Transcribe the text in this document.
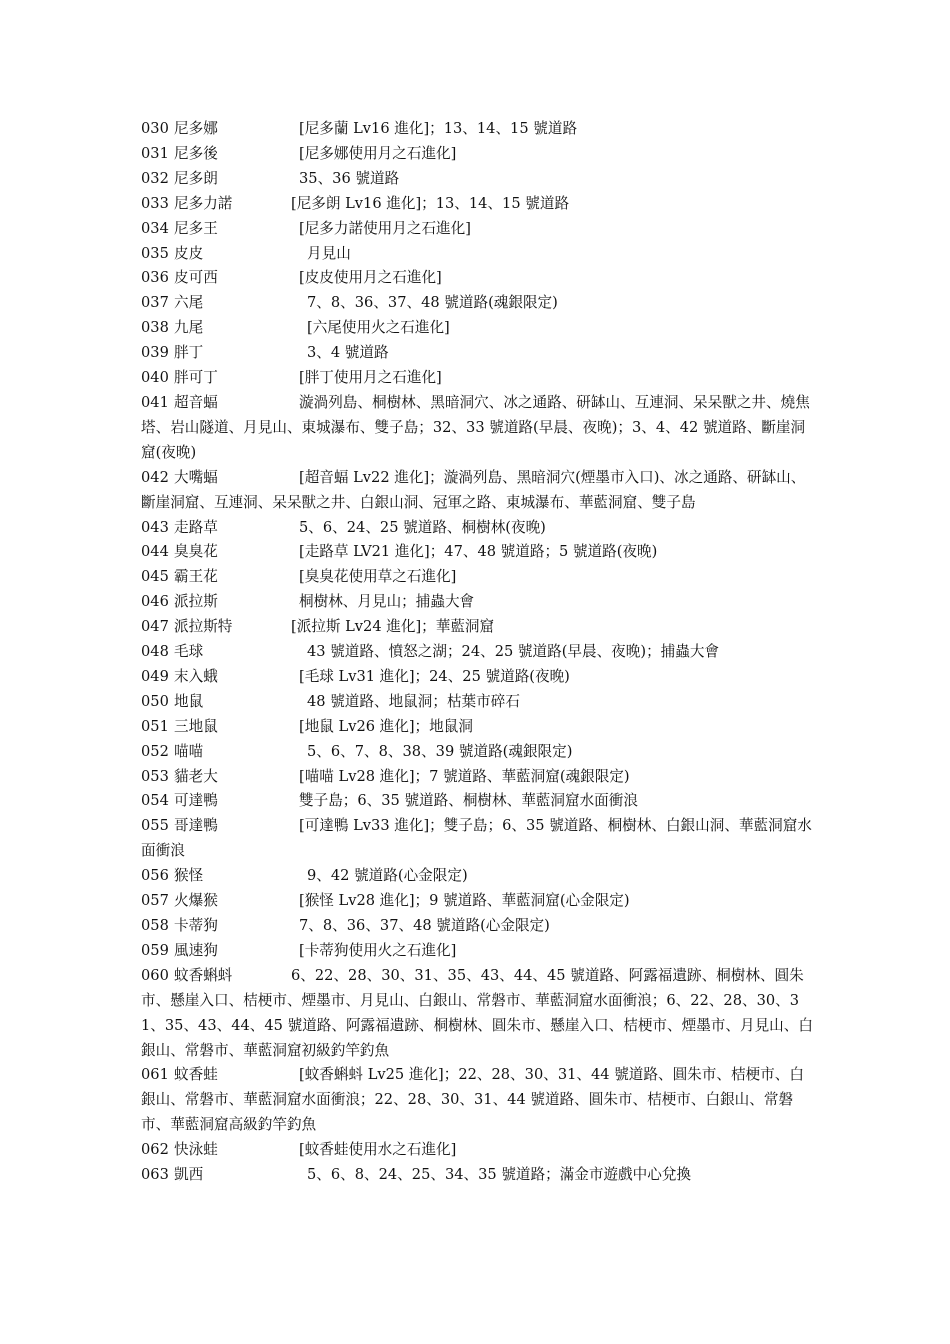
030 尼多娜	[尼多蘭 Lv16 進化]；13、14、15 號道路

031 尼多後	[尼多娜使用月之石進化]

032 尼多朗	35、36 號道路

033 尼多力諾	[尼多朗 Lv16 進化]；13、14、15 號道路

034 尼多王	[尼多力諾使用月之石進化]

035 皮皮	月見山

036 皮可西	[皮皮使用月之石進化]

037 六尾	7、8、36、37、48 號道路(魂銀限定)

038 九尾	[六尾使用火之石進化]

039 胖丁	3、4 號道路

040 胖可丁	[胖丁使用月之石進化]

041 超音蝠	漩渦列島、桐樹林、黑暗洞穴、冰之通路、研缽山、互連洞、呆呆獸之井、燒焦塔、岩山隧道、月見山、東城瀑布、雙子島；32、33 號道路(早晨、夜晚)；3、4、42 號道路、斷崖洞窟(夜晚)

042 大嘴蝠	[超音蝠 Lv22 進化]；漩渦列島、黑暗洞穴(煙墨市入口)、冰之通路、研缽山、斷崖洞窟、互連洞、呆呆獸之井、白銀山洞、冠軍之路、東城瀑布、華藍洞窟、雙子島

043 走路草	5、6、24、25 號道路、桐樹林(夜晚)

044 臭臭花	[走路草 LV21 進化]；47、48 號道路；5 號道路(夜晚)

045 霸王花	[臭臭花使用草之石進化]

046 派拉斯	桐樹林、月見山；捕蟲大會

047 派拉斯特	[派拉斯 Lv24 進化]；華藍洞窟

048 毛球	43 號道路、憤怒之湖；24、25 號道路(早晨、夜晚)；捕蟲大會

049 末入蛾	[毛球 Lv31 進化]；24、25 號道路(夜晚)

050 地鼠	48 號道路、地鼠洞；枯葉市碎石

051 三地鼠	[地鼠 Lv26 進化]；地鼠洞

052 喵喵	5、6、7、8、38、39 號道路(魂銀限定)

053 貓老大	[喵喵 Lv28 進化]；7 號道路、華藍洞窟(魂銀限定)

054 可達鴨	雙子島；6、35 號道路、桐樹林、華藍洞窟水面衝浪

055 哥達鴨	[可達鴨 Lv33 進化]；雙子島；6、35 號道路、桐樹林、白銀山洞、華藍洞窟水面衝浪

056 猴怪	9、42 號道路(心金限定)

057 火爆猴	[猴怪 Lv28 進化]；9 號道路、華藍洞窟(心金限定)

058 卡蒂狗	7、8、36、37、48 號道路(心金限定)

059 風速狗	[卡蒂狗使用火之石進化]

060 蚊香蝌蚪	6、22、28、30、31、35、43、44、45 號道路、阿露福遺跡、桐樹林、圓朱市、懸崖入口、桔梗市、煙墨市、月見山、白銀山、常磐市、華藍洞窟水面衝浪；6、22、28、30、31、35、43、44、45 號道路、阿露福遺跡、桐樹林、圓朱市、懸崖入口、桔梗市、煙墨市、月見山、白銀山、常磐市、華藍洞窟初級釣竿釣魚

061 蚊香蛙	[蚊香蝌蚪 Lv25 進化]；22、28、30、31、44 號道路、圓朱市、桔梗市、白銀山、常磐市、華藍洞窟水面衝浪；22、28、30、31、44 號道路、圓朱市、桔梗市、白銀山、常磐市、華藍洞窟高級釣竿釣魚

062 快泳蛙	[蚊香蛙使用水之石進化]

063 凱西	5、6、8、24、25、34、35 號道路；滿金市遊戲中心兌換
